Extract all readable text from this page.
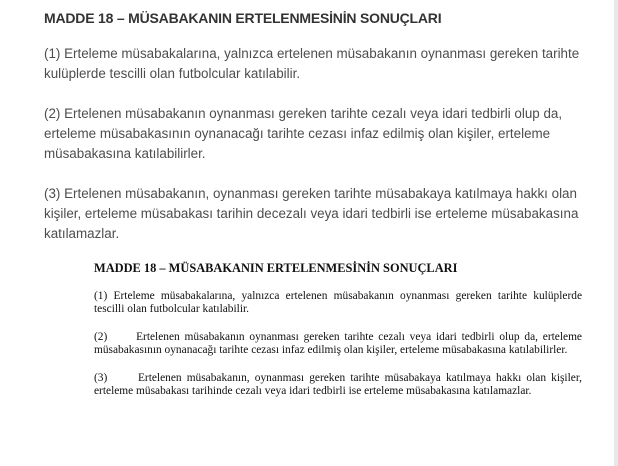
MADDE 18 – MÜSABAKANIN ERTELENMESİNİN SONUÇLARI

(1) Erteleme müsabakalarına, yalnızca ertelenen müsabakanın oynanması gereken tarihte kulüplerde tescilli olan futbolcular katılabilir.

(2) Ertelenen müsabakanın oynanması gereken tarihte cezalı veya idari tedbirli olup da, erteleme müsabakasının oynanacağı tarihte cezası infaz edilmiş olan kişiler, erteleme müsabakasına katılabilirler.

(3) Ertelenen müsabakanın, oynanması gereken tarihte müsabakaya katılmaya hakkı olan kişiler, erteleme müsabakası tarihin decezalı veya idari tedbirli ise erteleme müsabakasına katılamazlar.

MADDE 18 – MÜSABAKANIN ERTELENMESİNİN SONUÇLARI

(1) Erteleme müsabakalarına, yalnızca ertelenen müsabakanın oynanması gereken tarihte kulüplerde tescilli olan futbolcular katılabilir.

(2)      Ertelenen müsabakanın oynanması gereken tarihte cezalı veya idari tedbirli olup da, erteleme müsabakasının oynanacağı tarihte cezası infaz edilmiş olan kişiler, erteleme müsabakasına katılabilirler.

(3)      Ertelenen müsabakanın, oynanması gereken tarihte müsabakaya katılmaya hakkı olan kişiler, erteleme müsabakası tarihinde cezalı veya idari tedbirli ise erteleme müsabakasına katılamazlar.
